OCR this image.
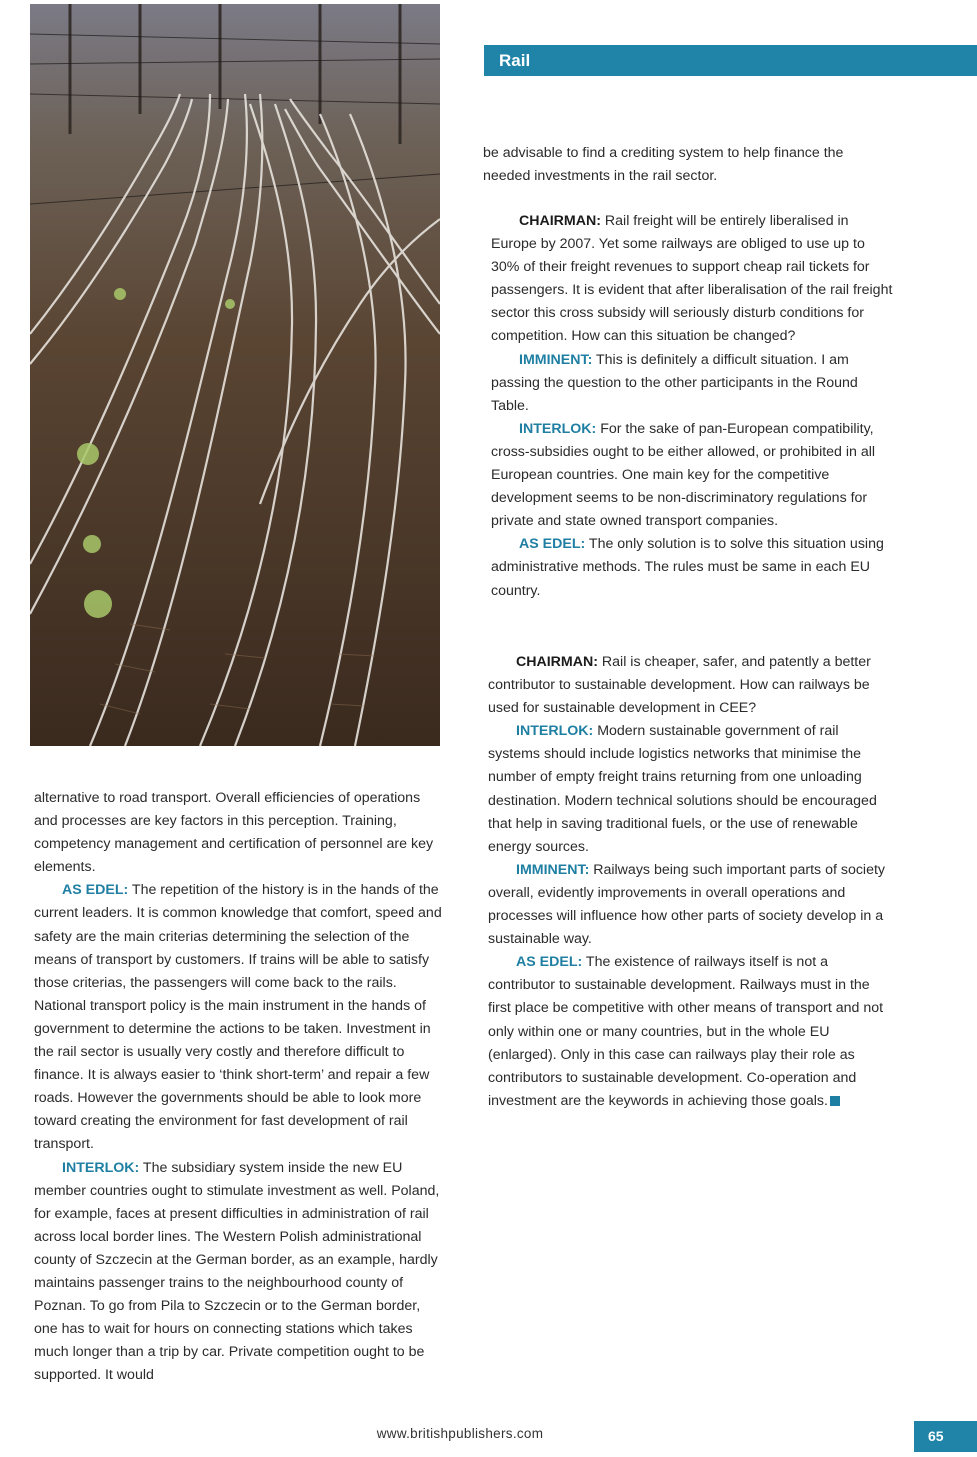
Rail

alternative to road transport. Overall efficiencies of operations and processes are key factors in this perception. Training, competency management and certification of personnel are key elements.

AS EDEL: The repetition of the history is in the hands of the current leaders. It is common knowledge that comfort, speed and safety are the main criterias determining the selection of the means of transport by customers. If trains will be able to satisfy those criterias, the passengers will come back to the rails. National transport policy is the main instrument in the hands of government to determine the actions to be taken. Investment in the rail sector is usually very costly and therefore difficult to finance. It is always easier to ‘think short-term’ and repair a few roads. However the governments should be able to look more toward creating the environment for fast development of rail transport.

INTERLOK: The subsidiary system inside the new EU member countries ought to stimulate investment as well. Poland, for example, faces at present difficulties in administration of rail across local border lines. The Western Polish administrational county of Szczecin at the German border, as an example, hardly maintains passenger trains to the neighbourhood county of Poznan. To go from Pila to Szczecin or to the German border, one has to wait for hours on connecting stations which takes much longer than a trip by car. Private competition ought to be supported. It would

be advisable to find a crediting system to help finance the needed investments in the rail sector.

CHAIRMAN: Rail freight will be entirely liberalised in Europe by 2007. Yet some railways are obliged to use up to 30% of their freight revenues to support cheap rail tickets for passengers. It is evident that after liberalisation of the rail freight sector this cross subsidy will seriously disturb conditions for competition. How can this situation be changed?

IMMINENT: This is definitely a difficult situation. I am passing the question to the other participants in the Round Table.

INTERLOK: For the sake of pan-European compatibility, cross-subsidies ought to be either allowed, or prohibited in all European countries. One main key for the competitive development seems to be non-discriminatory regulations for private and state owned transport companies.

AS EDEL: The only solution is to solve this situation using administrative methods. The rules must be same in each EU country.

CHAIRMAN: Rail is cheaper, safer, and patently a better contributor to sustainable development. How can railways be used for sustainable development in CEE?

INTERLOK: Modern sustainable government of rail systems should include logistics networks that minimise the number of empty freight trains returning from one unloading destination. Modern technical solutions should be encouraged that help in saving traditional fuels, or the use of renewable energy sources.

IMMINENT: Railways being such important parts of society overall, evidently improvements in overall operations and processes will influence how other parts of society develop in a sustainable way.

AS EDEL: The existence of railways itself is not a contributor to sustainable development. Railways must in the first place be competitive with other means of transport and not only within one or many countries, but in the whole EU (enlarged). Only in this case can railways play their role as contributors to sustainable development. Co-operation and investment are the keywords in achieving those goals.

www.britishpublishers.com	65
